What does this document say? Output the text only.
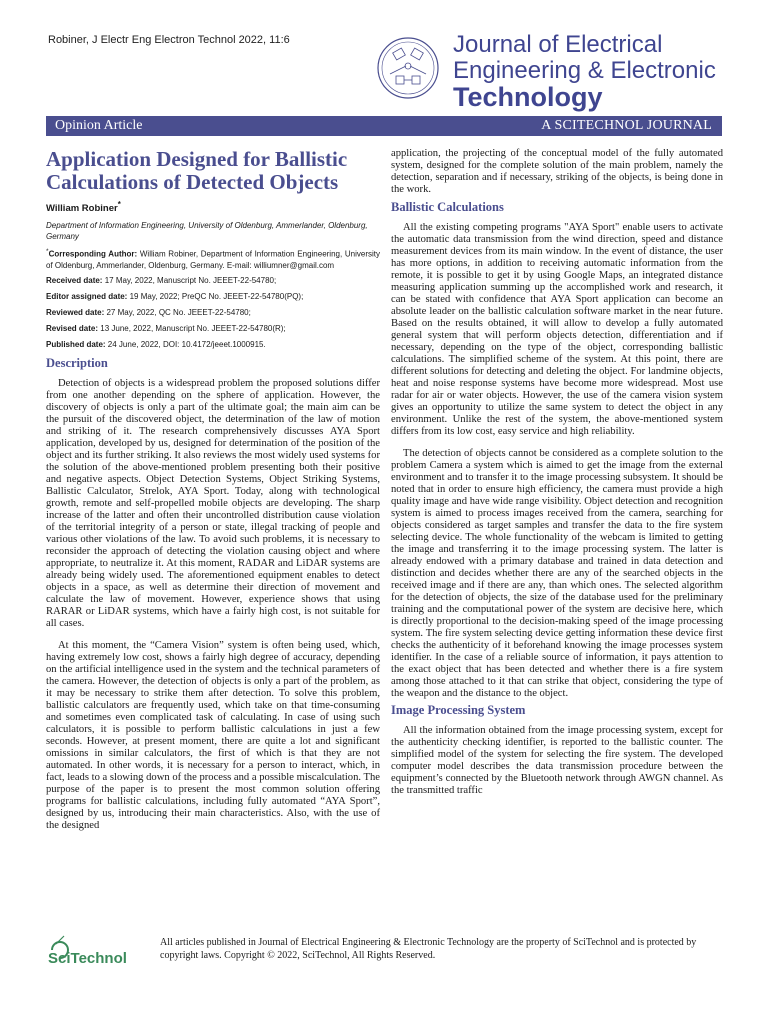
Robiner, J Electr Eng Electron Technol 2022, 11:6	Journal of Electrical
Engineering & Electronic
Technology
Opinion Article	A SCITECHNOL JOURNAL
Application Designed for Ballistic Calculations of Detected Objects
William Robiner*
Department of Information Engineering, University of Oldenburg, Ammerlander, Oldenburg, Germany
*Corresponding Author: William Robiner, Department of Information Engineering, University of Oldenburg, Ammerlander, Oldenburg, Germany. E-mail: williumner@gmail.com
Received date: 17 May, 2022, Manuscript No. JEEET-22-54780;
Editor assigned date: 19 May, 2022; PreQC No. JEEET-22-54780(PQ);
Reviewed date: 27 May, 2022, QC No. JEEET-22-54780;
Revised date: 13 June, 2022, Manuscript No. JEEET-22-54780(R);
Published date: 24 June, 2022, DOI: 10.4172/jeeet.1000915.
Description

Detection of objects is a widespread problem the proposed solutions differ from one another depending on the sphere of application. However, the discovery of objects is only a part of the ultimate goal; the main aim can be the pursuit of the discovered object, the determination of the law of motion and striking of it. The research comprehensively discusses AYA Sport application, developed by us, designed for determination of the position of the object and its further striking. It also reviews the most widely used systems for the solution of the above-mentioned problem presenting both their positive and negative aspects. Object Detection Systems, Object Striking Systems, Ballistic Calculator, Strelok, AYA Sport. Today, along with technological growth, remote and self-propelled mobile objects are developing. The sharp increase of the latter and often their uncontrolled distribution cause violation of the territorial integrity of a person or state, illegal tracking of people and various other violations of the law. To avoid such problems, it is necessary to reconsider the approach of detecting the violation causing object and where appropriate, to neutralize it. At this moment, RADAR and LiDAR systems are already being widely used. The aforementioned equipment enables to detect objects in a space, as well as determine their direction of movement and calculate the law of movement. However, experience shows that using RARAR or LiDAR systems, which have a fairly high cost, is not suitable for all cases.

At this moment, the “Camera Vision” system is often being used, which, having extremely low cost, shows a fairly high degree of accuracy, depending on the artificial intelligence used in the system and the technical parameters of the camera. However, the detection of objects is only a part of the problem, as it may be necessary to strike them after detection. To solve this problem, ballistic calculators are frequently used, which take on that time-consuming and sometimes even complicated task of calculating. In case of using such calculators, it is possible to perform ballistic calculations in just a few seconds. However, at present moment, there are quite a lot and significant omissions in similar calculators, the first of which is that they are not automated. In other words, it is necessary for a person to interact, which, in fact, leads to a slowing down of the process and a possible miscalculation. The purpose of the paper is to present the most common solution offering programs for ballistic calculations, including fully automated “AYA Sport”, designed by us, introducing their main characteristics. Also, with the use of the designed

application, the projecting of the conceptual model of the fully automated system, designed for the complete solution of the main problem, namely the detection, separation and if necessary, striking of the objects, is being done in the work.

Ballistic Calculations

All the existing competing programs "AYA Sport" enable users to activate the automatic data transmission from the wind direction, speed and distance measurement devices from its main window. In the event of distance, the user has more options, in addition to receiving automatic information from the remote, it is possible to get it by using Google Maps, an integrated distance measuring application summing up the accomplished work and research, it can be stated with confidence that AYA Sport application can become an absolute leader on the ballistic calculation software market in the near future. Based on the results obtained, it will allow to develop a fully automated general system that will perform objects detection, differentiation and if necessary, depending on the type of the object, corresponding ballistic calculations. The simplified scheme of the system. At this point, there are different solutions for detecting and deleting the object. For landmine objects, heat and noise response systems have become more widespread. Most use radar for air or water objects. However, the use of the camera vision system gives an opportunity to utilize the same system to detect the object in any environment. Unlike the rest of the system, the above-mentioned system differs from its low cost, easy service and high reliability.

The detection of objects cannot be considered as a complete solution to the problem Camera a system which is aimed to get the image from the external environment and to transfer it to the image processing subsystem. It should be noted that in order to ensure high efficiency, the camera must provide a high quality image and have wide range visibility. Object detection and recognition system is aimed to process images received from the camera, searching for objects considered as target samples and transfer the data to the fire system selecting device. The whole functionality of the webcam is limited to getting the image and transferring it to the image processing system. The latter is already endowed with a primary database and trained in data detection and distinction and decides whether there are any of the searched objects in the received image and if there are any, than which ones. The selected algorithm for the detection of objects, the size of the database used for the preliminary training and the computational power of the system are decisive here, which is directly proportional to the decision-making speed of the image processing system. The fire system selecting device getting information these device first checks the authenticity of it beforehand knowing the image processes system identifier. In the case of a reliable source of information, it pays attention to the exact object that has been detected and whether there is a fire system among those attached to it that can strike that object, considering the type of the weapon and the distance to the object.

Image Processing System

All the information obtained from the image processing system, except for the authenticity checking identifier, is reported to the ballistic counter. The simplified model of the system for selecting the fire system. The developed computer model describes the data transmission procedure between the equipment’s connected by the Bluetooth network through AWGN channel. As the transmitted traffic

SciTechnol
All articles published in Journal of Electrical Engineering & Electronic Technology are the property of SciTechnol and is protected by copyright laws. Copyright © 2022, SciTechnol, All Rights Reserved.
